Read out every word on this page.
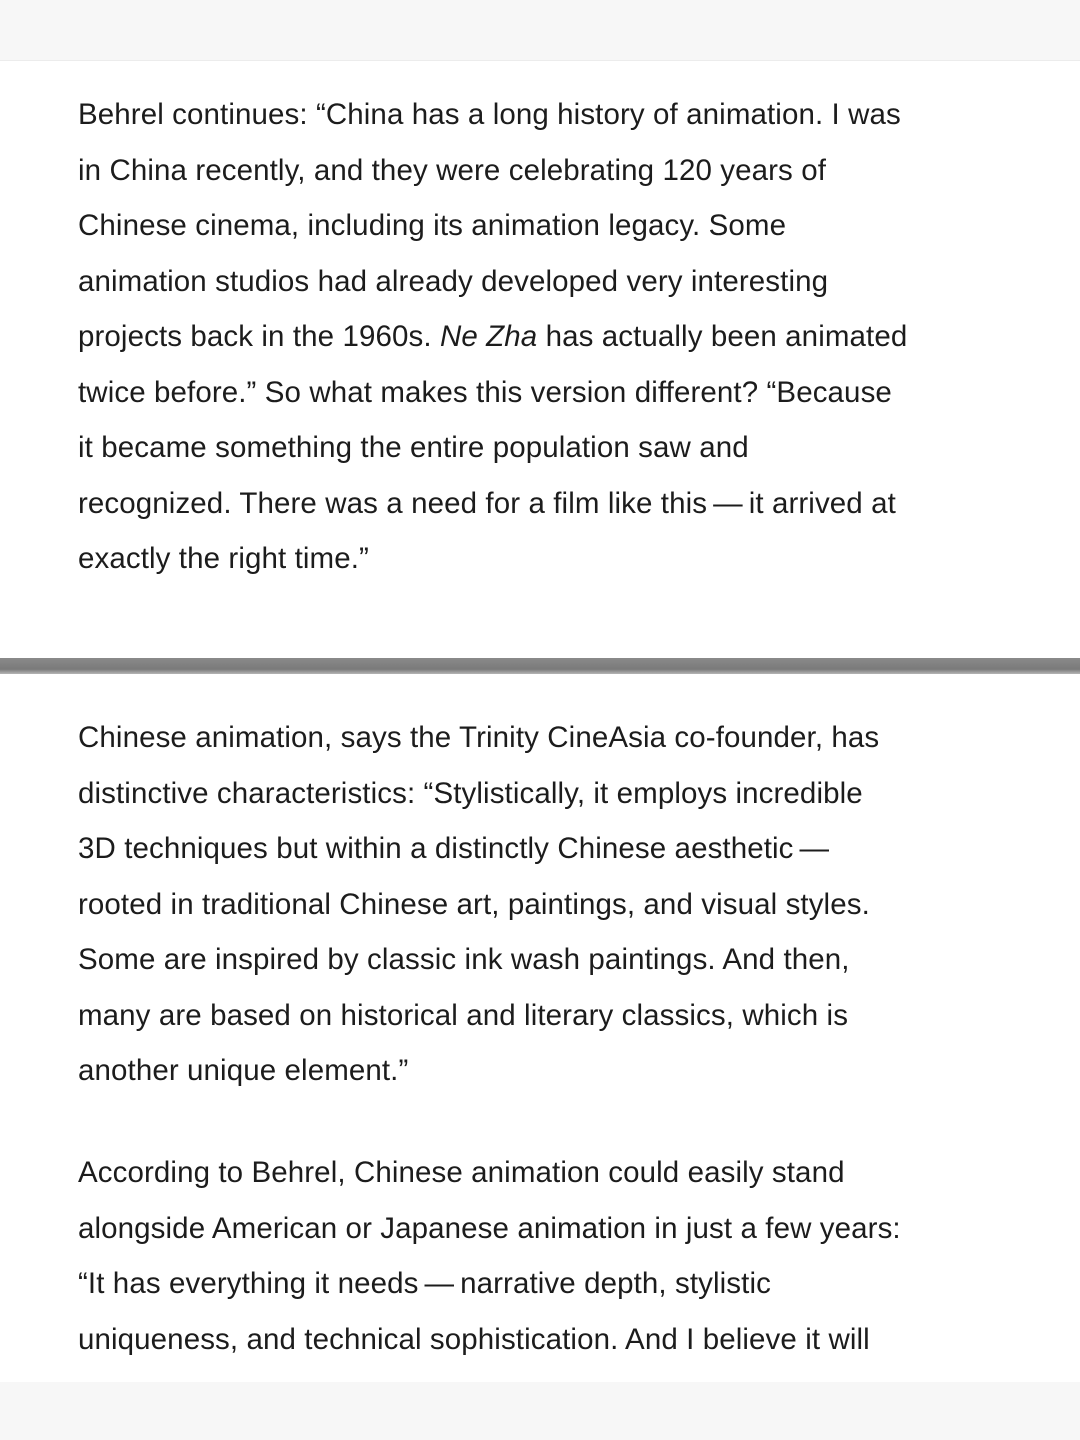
Behrel continues: “China has a long history of animation. I was
in China recently, and they were celebrating 120 years of
Chinese cinema, including its animation legacy. Some
animation studios had already developed very interesting
projects back in the 1960s. Ne Zha has actually been animated
twice before.” So what makes this version different? “Because
it became something the entire population saw and
recognized. There was a need for a film like this — it arrived at
exactly the right time.”

Chinese animation, says the Trinity CineAsia co-founder, has
distinctive characteristics: “Stylistically, it employs incredible
3D techniques but within a distinctly Chinese aesthetic —
rooted in traditional Chinese art, paintings, and visual styles.
Some are inspired by classic ink wash paintings. And then,
many are based on historical and literary classics, which is
another unique element.”

According to Behrel, Chinese animation could easily stand
alongside American or Japanese animation in just a few years:
“It has everything it needs — narrative depth, stylistic
uniqueness, and technical sophistication. And I believe it will
